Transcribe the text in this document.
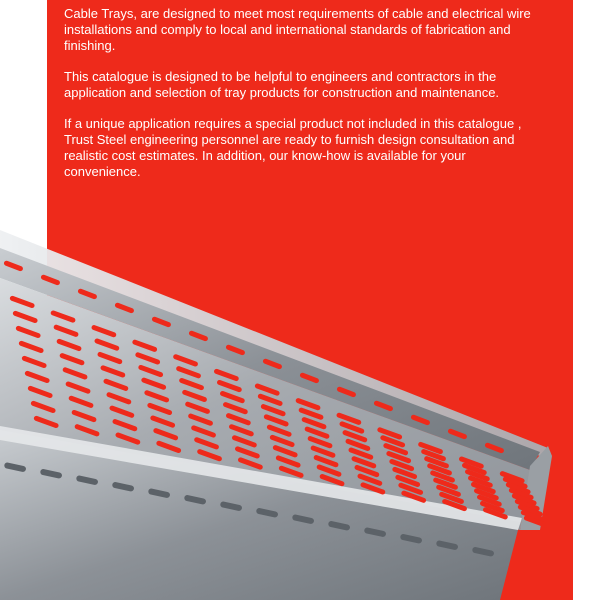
Cable Trays, are designed to meet most requirements of cable and electrical wire
installations and comply to local and international standards of fabrication and
finishing.

This catalogue is designed to be helpful to engineers and contractors in the
application and selection of tray products for construction and maintenance.

If a unique application requires a special product not included in this catalogue ,
Trust Steel engineering personnel are ready to furnish design consultation and
realistic cost estimates. In addition, our know-how is available for your
convenience.
